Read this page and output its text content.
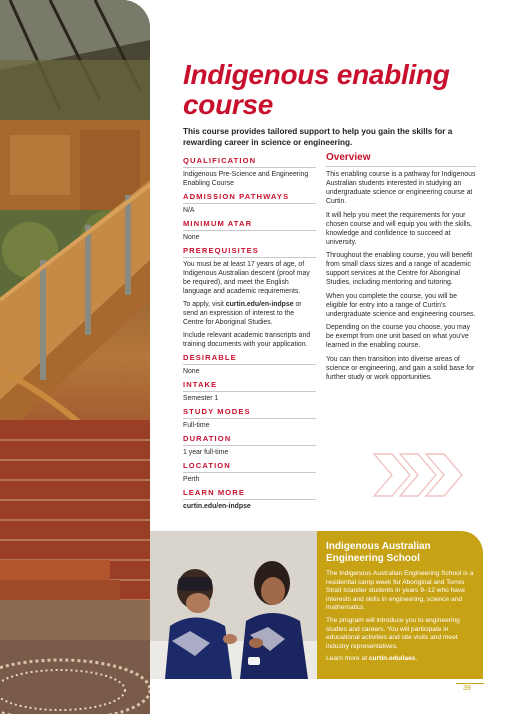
Indigenous enabling course

This course provides tailored support to help you gain the skills for a rewarding career in science or engineering.

QUALIFICATION
Indigenous Pre-Science and Engineering Enabling Course
ADMISSION PATHWAYS
N/A
MINIMUM ATAR
None
PREREQUISITES
You must be at least 17 years of age, of Indigenous Australian descent (proof may be required), and meet the English language and academic requirements.
To apply, visit curtin.edu/en-indpse or send an expression of interest to the Centre for Aboriginal Studies.
Include relevant academic transcripts and training documents with your application.
DESIRABLE
None
INTAKE
Semester 1
STUDY MODES
Full-time
DURATION
1 year full-time
LOCATION
Perth
LEARN MORE
curtin.edu/en-indpse
Overview

This enabling course is a pathway for Indigenous Australian students interested in studying an undergraduate science or engineering course at Curtin.

It will help you meet the requirements for your chosen course and will equip you with the skills, knowledge and confidence to succeed at university.

Throughout the enabling course, you will benefit from small class sizes and a range of academic support services at the Centre for Aboriginal Studies, including mentoring and tutoring.

When you complete the course, you will be eligible for entry into a range of Curtin's undergraduate science and engineering courses.

Depending on the course you choose, you may be exempt from one unit based on what you've learned in the enabling course.

You can then transition into diverse areas of science or engineering, and gain a solid base for further study or work opportunities.

Indigenous Australian Engineering School

The Indigenous Australian Engineering School is a residential camp week for Aboriginal and Torres Strait Islander students in years 9–12 who have interests and skills in engineering, science and mathematics.

The program will introduce you to engineering studies and careers. You will participate in educational activities and site visits and meet industry representatives.

Learn more at curtin.edu/iaes.

39
